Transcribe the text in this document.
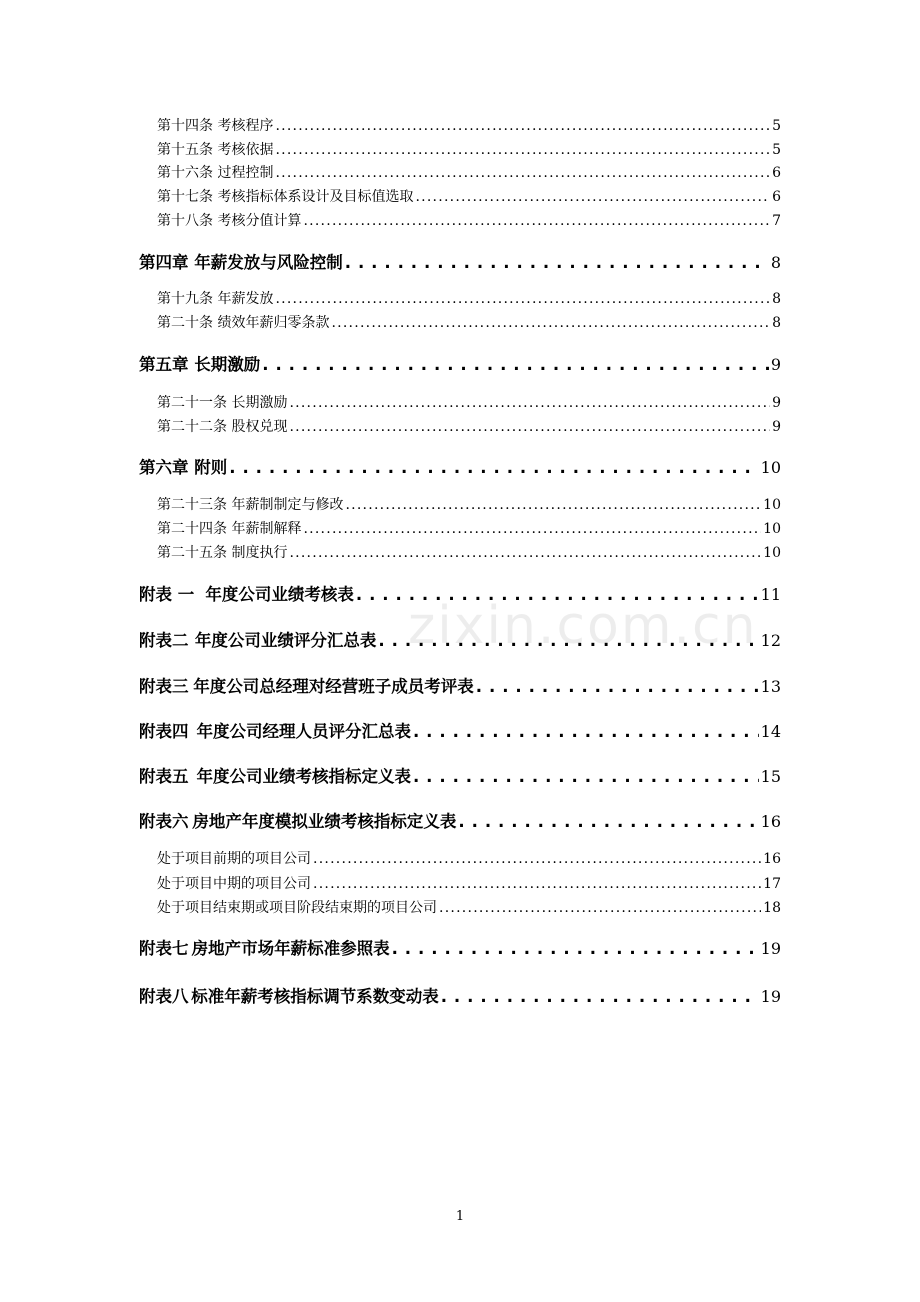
第十四条 考核程序 . . .	5
第十五条 考核依据 . . .	5
第十六条 过程控制 . . .	6
第十七条 考核指标体系设计及目标值选取 . . .	6
第十八条 考核分值计算 . . .	7
第四章 年薪发放与风险控制 . . .	8
第十九条 年薪发放 . . .	8
第二十条 绩效年薪归零条款 . . .	8
第五章 长期激励 . . .	9
第二十一条 长期激励 . . .	9
第二十二条 股权兑现 . . .	9
第六章 附则 . . .	10
第二十三条 年薪制制定与修改 . . .	10
第二十四条 年薪制解释 . . .	10
第二十五条 制度执行 . . .	10
附表 一 年度公司业绩考核表 . . .	11
附表二 年度公司业绩评分汇总表 . . .	12
附表三 年度公司总经理对经营班子成员考评表 . . .	13
附表四 年度公司经理人员评分汇总表 . . .	14
附表五 年度公司业绩考核指标定义表 . . .	15
附表六 房地产年度模拟业绩考核指标定义表 . . .	16
处于项目前期的项目公司 . . .	16
处于项目中期的项目公司 . . .	17
处于项目结束期或项目阶段结束期的项目公司 . . .	18
附表七 房地产市场年薪标准参照表 . . .	19
附表八 标准年薪考核指标调节系数变动表 . . .	19
zixin.com.cn
1
